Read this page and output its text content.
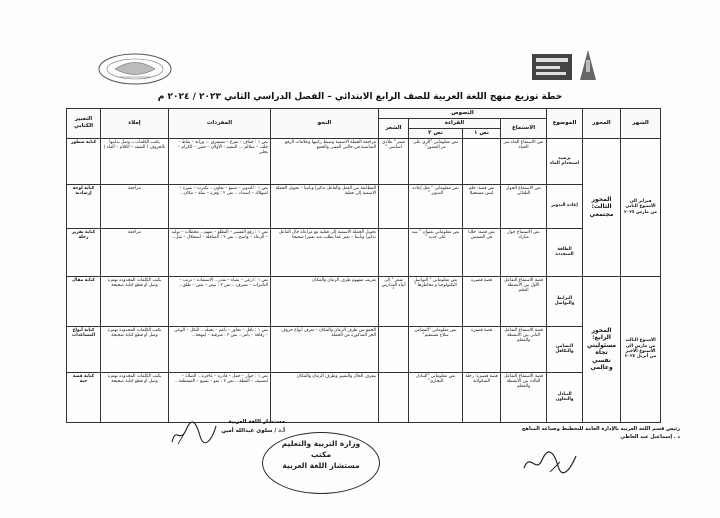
خطة توزيع منهج اللغة العربية للصف الرابع الابتدائي – الفصل الدراسي الثاني ٢٠٢٣ / ٢٠٢٤ م
الشهر	المحور	الموضوع	النصوص				النحو	المفردات	إملاء	التعبير الكتابي
			الاستماع	القراءة		الشعر				
				نص ١	نص ٢					
فبراير الى الأسبوع الثاني من مارس ٢٠٢٤	المحور الثالث: مجتمعي	ترشيد استخدام الماء	نص الاستماع الماء سر الحياة		نص معلوماتي "الري على مر العصور"	شعر " ملاذي أساسي "	مراجعة الجملة الاسمية وضبط ركنيها وعلامات الرفع المناسبة في حالتي المثنى والجمع	نص ١ : جفاف – تفرغ – تستغرق ... وراثة – نقاط – خلف – سلالم ... النشيد : الأولان – حنين – الكرام – يحلي	يكتب الكلمات بـ وصل بدايتها بالحروف ( الشقد – الكلام – الفاء )	كتابة سطور
		إعادة التدوير	نص الاستماع الحوار التلقائي	نص قصة: حلم ليس مستحيلا	نص معلوماتي " مثل إعادة التدوير "		المطابقة بين الفعل والفاعل تذكيرا وتأنيثا – تحويل الجملة الاسمية إلى فعلية	نص ١ : التدوير – تصنع – تعاون... تكثرت – سيرة – اسهلاك – استداد... نص ٢ : وفرة – سلة – مكان...	مراجعة	كتابة لوحة إرشادية
		الطاقة المتجددة	نص الاستماع حوار مبارك	نص قصة: خلايا في الشمس	نص معلوماتي بعنوان " سد على جديد "		تحويل الجملة الاسمية إلى فعلية مع مراعاة حال الفاعل تذكيرا وتأنيثا – يعبر عما يطلب منه تعبيرا صحيحا	نص ١ : رفع المسير – التطلع – متهم... مخطات – توليد – الرعاة – واضح... نص ٢ : المناقلة – استغلال – شل...	مراجعة	كتابة تقرير رحلة
الأسبوع الثالث من مارس الى الأسبوع الأخير من أبريل ٢٠٢٤	المحور الرابع: مسئوليتي تجاه نفسي وعالمي	الترابط والتواصل	قصة الاستماع التفاعل الأول بين الأنشطة التعلم	قصة قصيرة	نص معلوماتي " التواصل التكنولوجيا و مخاطرها "	شعر " الى أبناء المدارس "	تعريف مفهوم ظرف الزمان والمكان	نص ١ : ازعي – بشاء – تقدر... الاستفادة – ترتب – التاثيرات – تسرف... نص ٢ : نبض – بعين – طلق...	يكتب الكلمات المحدودة بهمزة وصل أو قطع كتابة صحيحة	كتابة مقال
		التضامن والتكافل	قصة الاستماع التفاعل الثاني بين الأنشطة والمعلم	قصة قصيرة	نص معلوماتي "التضامن سلاح مستقيم"		الجمع بين ظرف الزمان والمكان – تعرف أنواع حروف الجر المذكورة من الجملة	نص ١ : نافل – تجاوز – ناعم – يحيله... التكل – الوعي – رقاقة – يامر... نص ٢ : مترفية – ابتهجة...	يكتب الكلمات المحدودة بهمزة وصل أو قطع كتابة صحيحة	كتابة أنواع المساعدات
		التبادل والتعاون	قصة الاستماع التفاعل الثالث بين الأنشطة والمعلم	قصة قصيرة: رحلة الشكولاتة	نص معلوماتي "التبادل التجاري"		يتعرف الحال والتمييز وظرف الزمان والمكان	نص ١ : حوار – حمل – قادرة – عاجزة... الصلاة – لتصنيف – القطة... نص ٢ : نمو – تسيع – المنقطعة...	يكتب الكلمات المحدودة بهمزة وصل أو قطع كتابة صحيحة	كتابة قصة حية
رئيس قسم اللغة العربية بالإدارة العامة للتخطيط وصياغة المناهج
د . إسماعيل عبد العاطي
مستشار اللغة العربية
أ.د / سلوى عبدالله أمين
وزارة التربية والتعليم
مكتب
مستشار اللغة العربية
